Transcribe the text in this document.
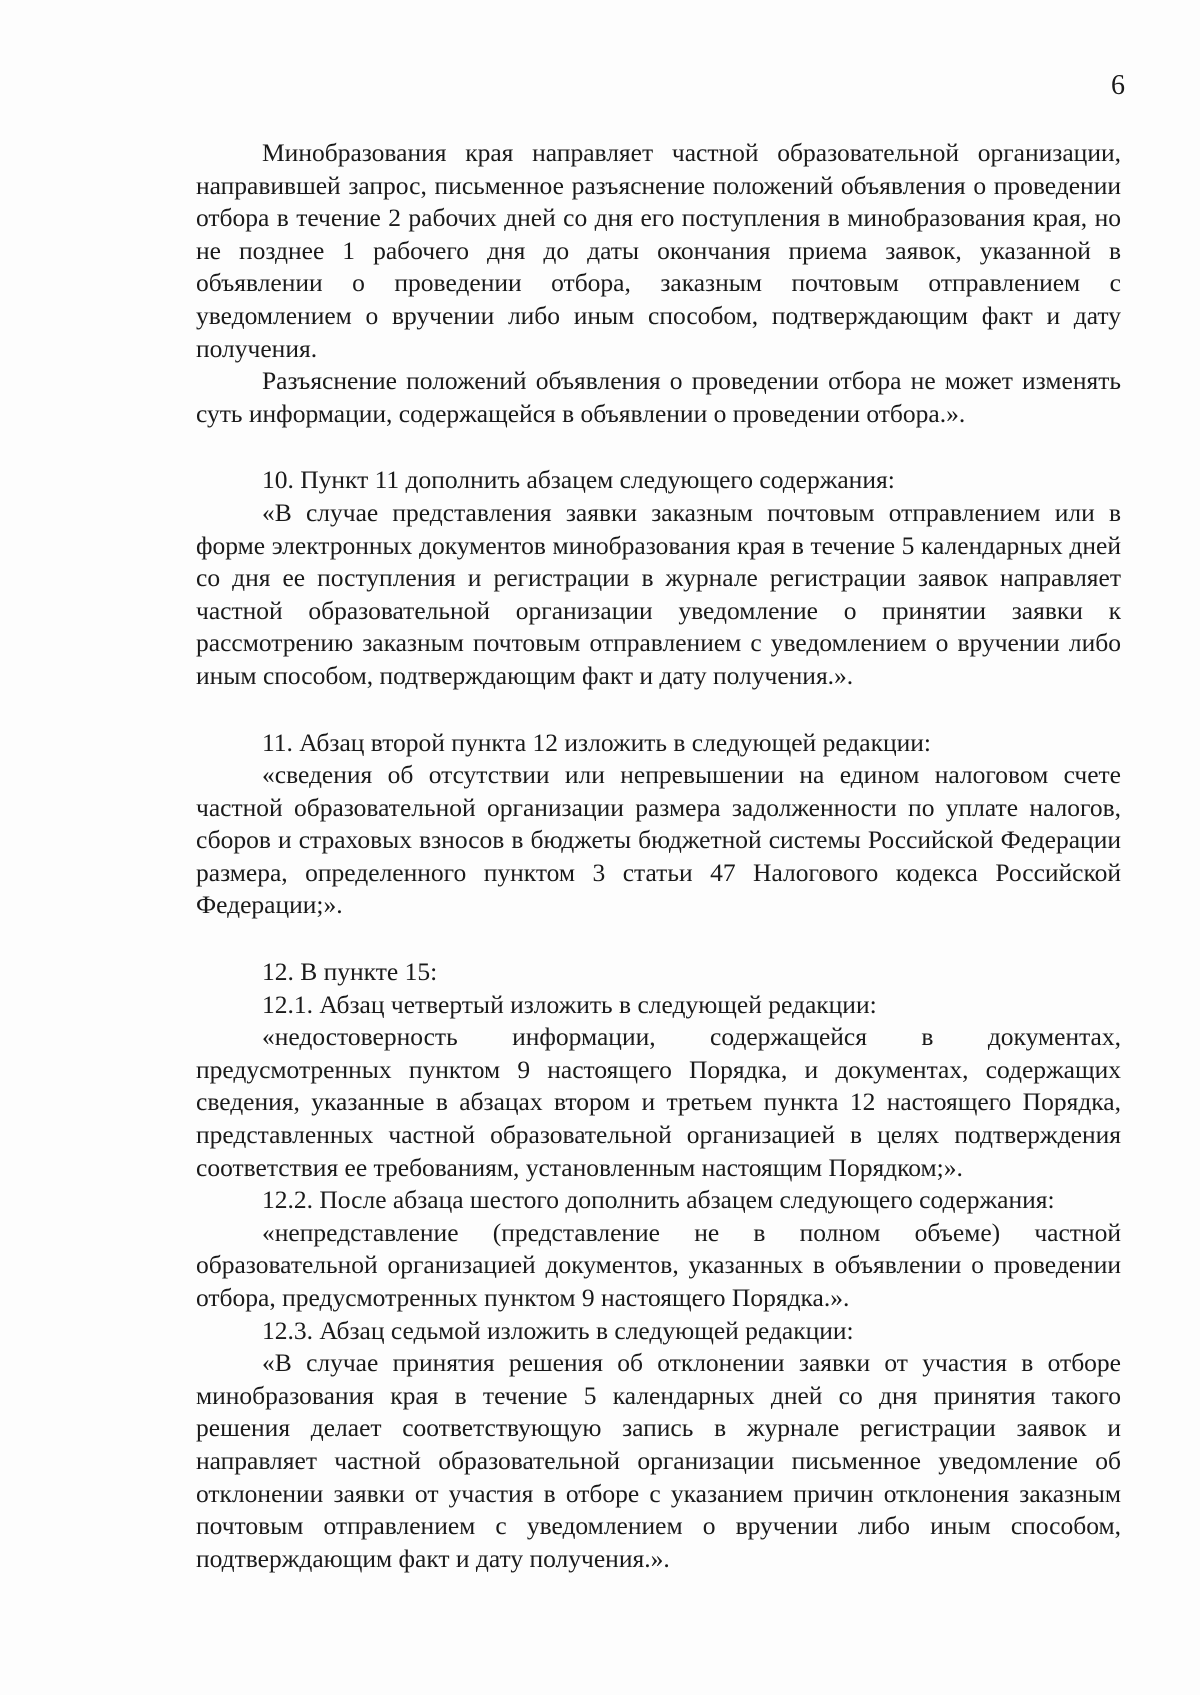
6

Минобразования края направляет частной образовательной организации, направившей запрос, письменное разъяснение положений объявления о проведении отбора в течение 2 рабочих дней со дня его поступления в минобразования края, но не позднее 1 рабочего дня до даты окончания приема заявок, указанной в объявлении о проведении отбора, заказным почтовым отправлением с уведомлением о вручении либо иным способом, подтверждающим факт и дату получения.

Разъяснение положений объявления о проведении отбора не может изменять суть информации, содержащейся в объявлении о проведении отбора.».

10. Пункт 11 дополнить абзацем следующего содержания:

«В случае представления заявки заказным почтовым отправлением или в форме электронных документов минобразования края в течение 5 календарных дней со дня ее поступления и регистрации в журнале регистрации заявок направляет частной образовательной организации уведомление о принятии заявки к рассмотрению заказным почтовым отправлением с уведомлением о вручении либо иным способом, подтверждающим факт и дату получения.».

11. Абзац второй пункта 12 изложить в следующей редакции:

«сведения об отсутствии или непревышении на едином налоговом счете частной образовательной организации размера задолженности по уплате налогов, сборов и страховых взносов в бюджеты бюджетной системы Российской Федерации размера, определенного пунктом 3 статьи 47 Налогового кодекса Российской Федерации;».

12. В пункте 15:

12.1. Абзац четвертый изложить в следующей редакции:

«недостоверность информации, содержащейся в документах, предусмотренных пунктом 9 настоящего Порядка, и документах, содержащих сведения, указанные в абзацах втором и третьем пункта 12 настоящего Порядка, представленных частной образовательной организацией в целях подтверждения соответствия ее требованиям, установленным настоящим Порядком;».

12.2. После абзаца шестого дополнить абзацем следующего содержания:

«непредставление (представление не в полном объеме) частной образовательной организацией документов, указанных в объявлении о проведении отбора, предусмотренных пунктом 9 настоящего Порядка.».

12.3. Абзац седьмой изложить в следующей редакции:

«В случае принятия решения об отклонении заявки от участия в отборе минобразования края в течение 5 календарных дней со дня принятия такого решения делает соответствующую запись в журнале регистрации заявок и направляет частной образовательной организации письменное уведомление об отклонении заявки от участия в отборе с указанием причин отклонения заказным почтовым отправлением с уведомлением о вручении либо иным способом, подтверждающим факт и дату получения.».
